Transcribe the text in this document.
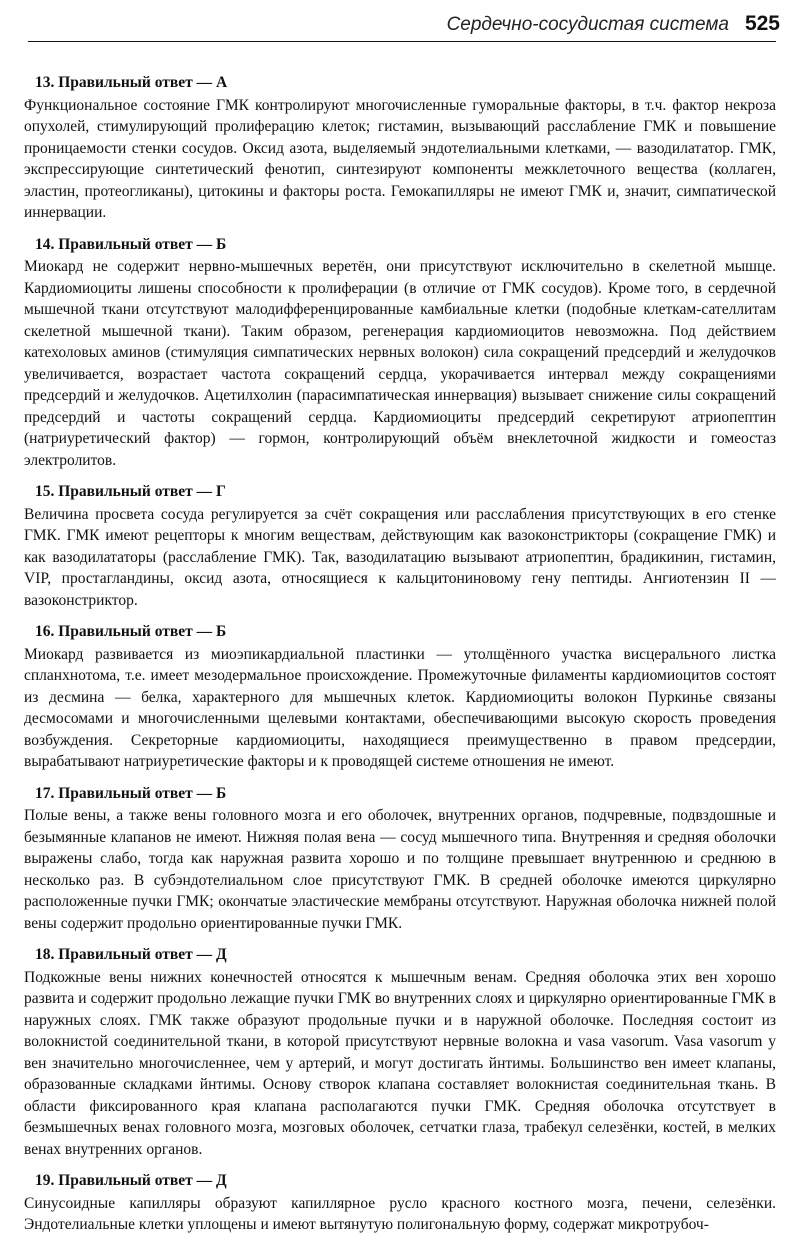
Сердечно-сосудистая система 525

13. Правильный ответ — А

Функциональное состояние ГМК контролируют многочисленные гуморальные факторы, в т.ч. фактор некроза опухолей, стимулирующий пролиферацию клеток; гистамин, вызывающий расслабление ГМК и повышение проницаемости стенки сосудов. Оксид азота, выделяемый эндотелиальными клетками, — вазодилататор. ГМК, экспрессирующие синтетический фенотип, синтезируют компоненты межклеточного вещества (коллаген, эластин, протеогликаны), цитокины и факторы роста. Гемокапилляры не имеют ГМК и, значит, симпатической иннервации.

14. Правильный ответ — Б

Миокард не содержит нервно-мышечных веретён, они присутствуют исключительно в скелетной мышце. Кардиомиоциты лишены способности к пролиферации (в отличие от ГМК сосудов). Кроме того, в сердечной мышечной ткани отсутствуют малодифференцированные камбиальные клетки (подобные клеткам-сателлитам скелетной мышечной ткани). Таким образом, регенерация кардиомиоцитов невозможна. Под действием катехоловых аминов (стимуляция симпатических нервных волокон) сила сокращений предсердий и желудочков увеличивается, возрастает частота сокращений сердца, укорачивается интервал между сокращениями предсердий и желудочков. Ацетилхолин (парасимпатическая иннервация) вызывает снижение силы сокращений предсердий и частоты сокращений сердца. Кардиомиоциты предсердий секретируют атриопептин (натриуретический фактор) — гормон, контролирующий объём внеклеточной жидкости и гомеостаз электролитов.

15. Правильный ответ — Г

Величина просвета сосуда регулируется за счёт сокращения или расслабления присутствующих в его стенке ГМК. ГМК имеют рецепторы к многим веществам, действующим как вазоконстрикторы (сокращение ГМК) и как вазодилататоры (расслабление ГМК). Так, вазодилатацию вызывают атриопептин, брадикинин, гистамин, VIP, простагландины, оксид азота, относящиеся к кальцитониновому гену пептиды. Ангиотензин II — вазоконстриктор.

16. Правильный ответ — Б

Миокард развивается из миоэпикардиальной пластинки — утолщённого участка висцерального листка спланхнотома, т.е. имеет мезодермальное происхождение. Промежуточные филаменты кардиомиоцитов состоят из десмина — белка, характерного для мышечных клеток. Кардиомиоциты волокон Пуркинье связаны десмосомами и многочисленными щелевыми контактами, обеспечивающими высокую скорость проведения возбуждения. Секреторные кардиомиоциты, находящиеся преимущественно в правом предсердии, вырабатывают натриуретические факторы и к проводящей системе отношения не имеют.

17. Правильный ответ — Б

Полые вены, а также вены головного мозга и его оболочек, внутренних органов, подчревные, подвздошные и безымянные клапанов не имеют. Нижняя полая вена — сосуд мышечного типа. Внутренняя и средняя оболочки выражены слабо, тогда как наружная развита хорошо и по толщине превышает внутреннюю и среднюю в несколько раз. В субэндотелиальном слое присутствуют ГМК. В средней оболочке имеются циркулярно расположенные пучки ГМК; окончатые эластические мембраны отсутствуют. Наружная оболочка нижней полой вены содержит продольно ориентированные пучки ГМК.

18. Правильный ответ — Д

Подкожные вены нижних конечностей относятся к мышечным венам. Средняя оболочка этих вен хорошо развита и содержит продольно лежащие пучки ГМК во внутренних слоях и циркулярно ориентированные ГМК в наружных слоях. ГМК также образуют продольные пучки и в наружной оболочке. Последняя состоит из волокнистой соединительной ткани, в которой присутствуют нервные волокна и vasa vasorum. Vasa vasorum у вен значительно многочисленнее, чем у артерий, и могут достигать йнтимы. Большинство вен имеет клапаны, образованные складками йнтимы. Основу створок клапана составляет волокнистая соединительная ткань. В области фиксированного края клапана располагаются пучки ГМК. Средняя оболочка отсутствует в безмышечных венах головного мозга, мозговых оболочек, сетчатки глаза, трабекул селезёнки, костей, в мелких венах внутренних органов.

19. Правильный ответ — Д

Синусоидные капилляры образуют капиллярное русло красного костного мозга, печени, селезёнки. Эндотелиальные клетки уплощены и имеют вытянутую полигональную форму, содержат микротрубоч-
